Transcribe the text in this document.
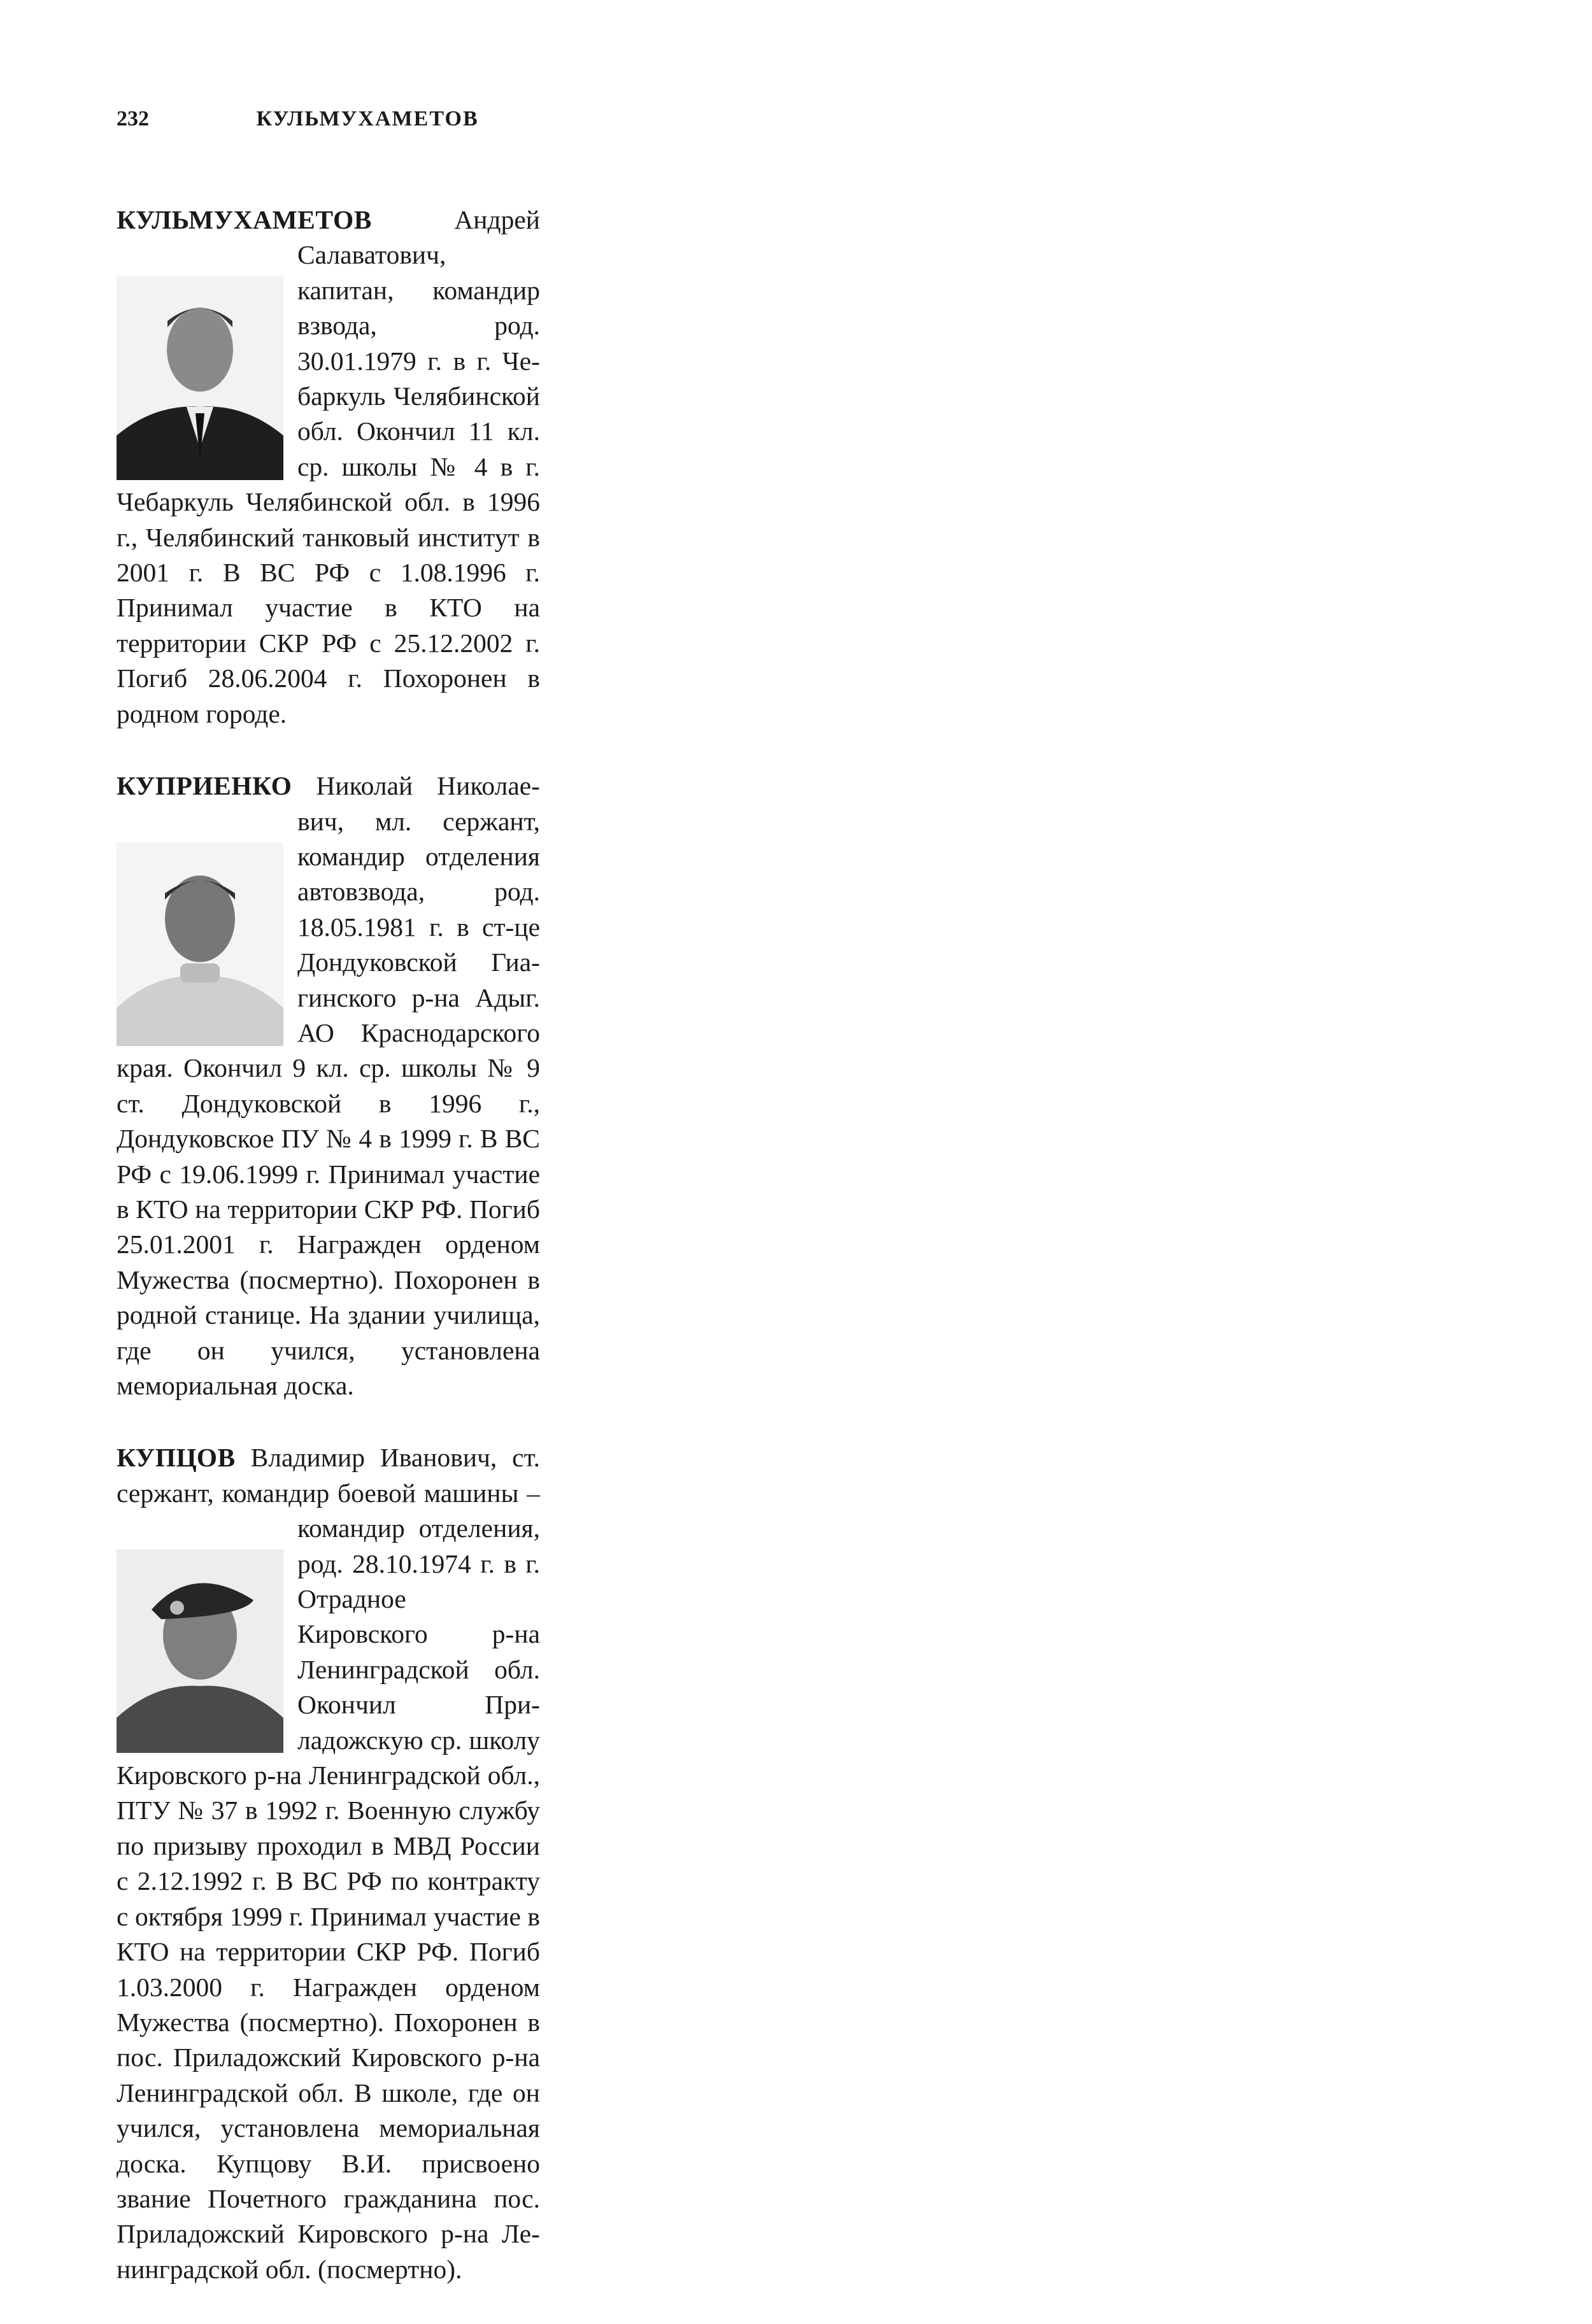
232	КУЛЬМУХАМЕТОВ

КУЛЬМУХАМЕТОВ Андрей Салаватович, капитан, командир взвода, род. 30.01.1979 г. в г. Чебаркуль Челябинской обл. Окончил 11 кл. ср. школы № 4 в г. Чебаркуль Челябинской обл. в 1996 г., Челябинский танковый институт в 2001 г. В ВС РФ с 1.08.1996 г. Принимал участие в КТО на территории СКР РФ с 25.12.2002 г. Погиб 28.06.2004 г. Похоронен в родном городе.

КУПРИЕНКО Николай Николаевич, мл. сержант, командир отделения автовзвода, род. 18.05.1981 г. в ст-це Дондуковской Гиагинского р-на Адыг. АО Краснодарского края. Окончил 9 кл. ср. школы № 9 ст. Дондуковской в 1996 г., Дондуковское ПУ № 4 в 1999 г. В ВС РФ с 19.06.1999 г. Принимал участие в КТО на территории СКР РФ. Погиб 25.01.2001 г. Награжден орденом Мужества (посмертно). Похоронен в родной станице. На здании училища, где он учился, установлена мемориальная доска.

КУПЦОВ Владимир Иванович, ст. сержант, командир боевой машины – командир отделения, род. 28.10.1974 г. в г. Отрадное Кировского р-на Ленинградской обл. Окончил Приладожскую ср. школу Кировского р-на Ленинградской обл., ПТУ № 37 в 1992 г. Военную службу по призыву проходил в МВД России с 2.12.1992 г. В ВС РФ по контракту с октября 1999 г. Принимал участие в КТО на территории СКР РФ. Погиб 1.03.2000 г. Награжден орденом Мужества (посмертно). Похоронен в пос. Приладожский Кировского р-на Ленинградской обл. В школе, где он учился, установлена мемориальная доска. Купцову В.И. присвоено звание Почетного гражданина пос. Приладожский Кировского р-на Ленинградской обл. (посмертно).
